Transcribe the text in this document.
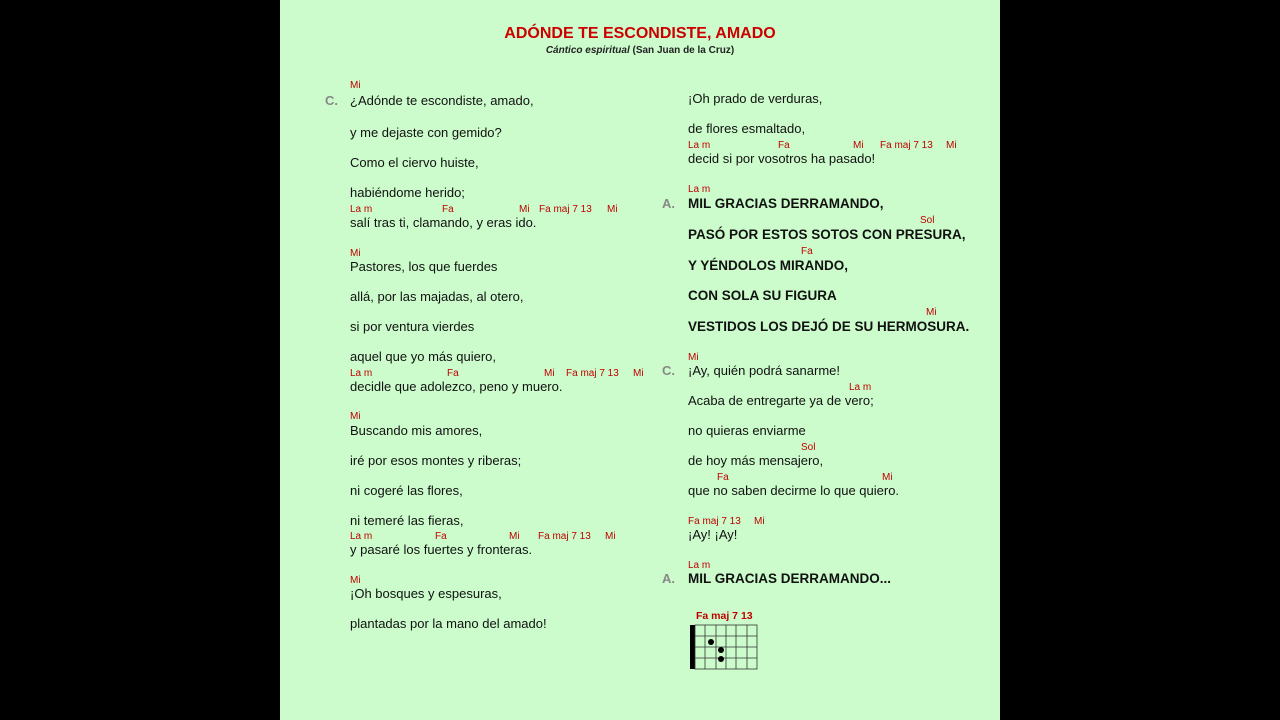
ADÓNDE TE ESCONDISTE, AMADO
Cántico espiritual (San Juan de la Cruz)
C.
Mi
¿Adónde te escondiste, amado,
y me dejaste con gemido?
Como el ciervo huiste,
habiéndome herido;
La m	Fa	Mi Fa maj 7 13 Mi
salí tras ti, clamando, y eras ido.
Mi
Pastores, los que fuerdes
allá, por las majadas, al otero,
si por ventura vierdes
aquel que yo más quiero,
La m	Fa	Mi Fa maj 7 13 Mi
decidle que adolezco, peno y muero.
Mi
Buscando mis amores,
iré por esos montes y riberas;
ni cogeré las flores,
ni temeré las fieras,
La m	Fa	Mi Fa maj 7 13 Mi
y pasaré los fuertes y fronteras.
Mi
¡Oh bosques y espesuras,
plantadas por la mano del amado!
¡Oh prado de verduras,
de flores esmaltado,
La m	Fa	Mi Fa maj 7 13 Mi
decid si por vosotros ha pasado!
La m
A. MIL GRACIAS DERRAMANDO,
Sol
PASÓ POR ESTOS SOTOS CON PRESURA,
Fa
Y YÉNDOLOS MIRANDO,
CON SOLA SU FIGURA
Mi
VESTIDOS LOS DEJÓ DE SU HERMOSURA.
Mi
C. ¡Ay, quién podrá sanarme!
La m
Acaba de entregarte ya de vero;
no quieras enviarme
Sol
de hoy más mensajero,
Fa	Mi
que no saben decirme lo que quiero.
Fa maj 7 13 Mi
¡Ay! ¡Ay!
La m
A. MIL GRACIAS DERRAMANDO...
Fa maj 7 13
